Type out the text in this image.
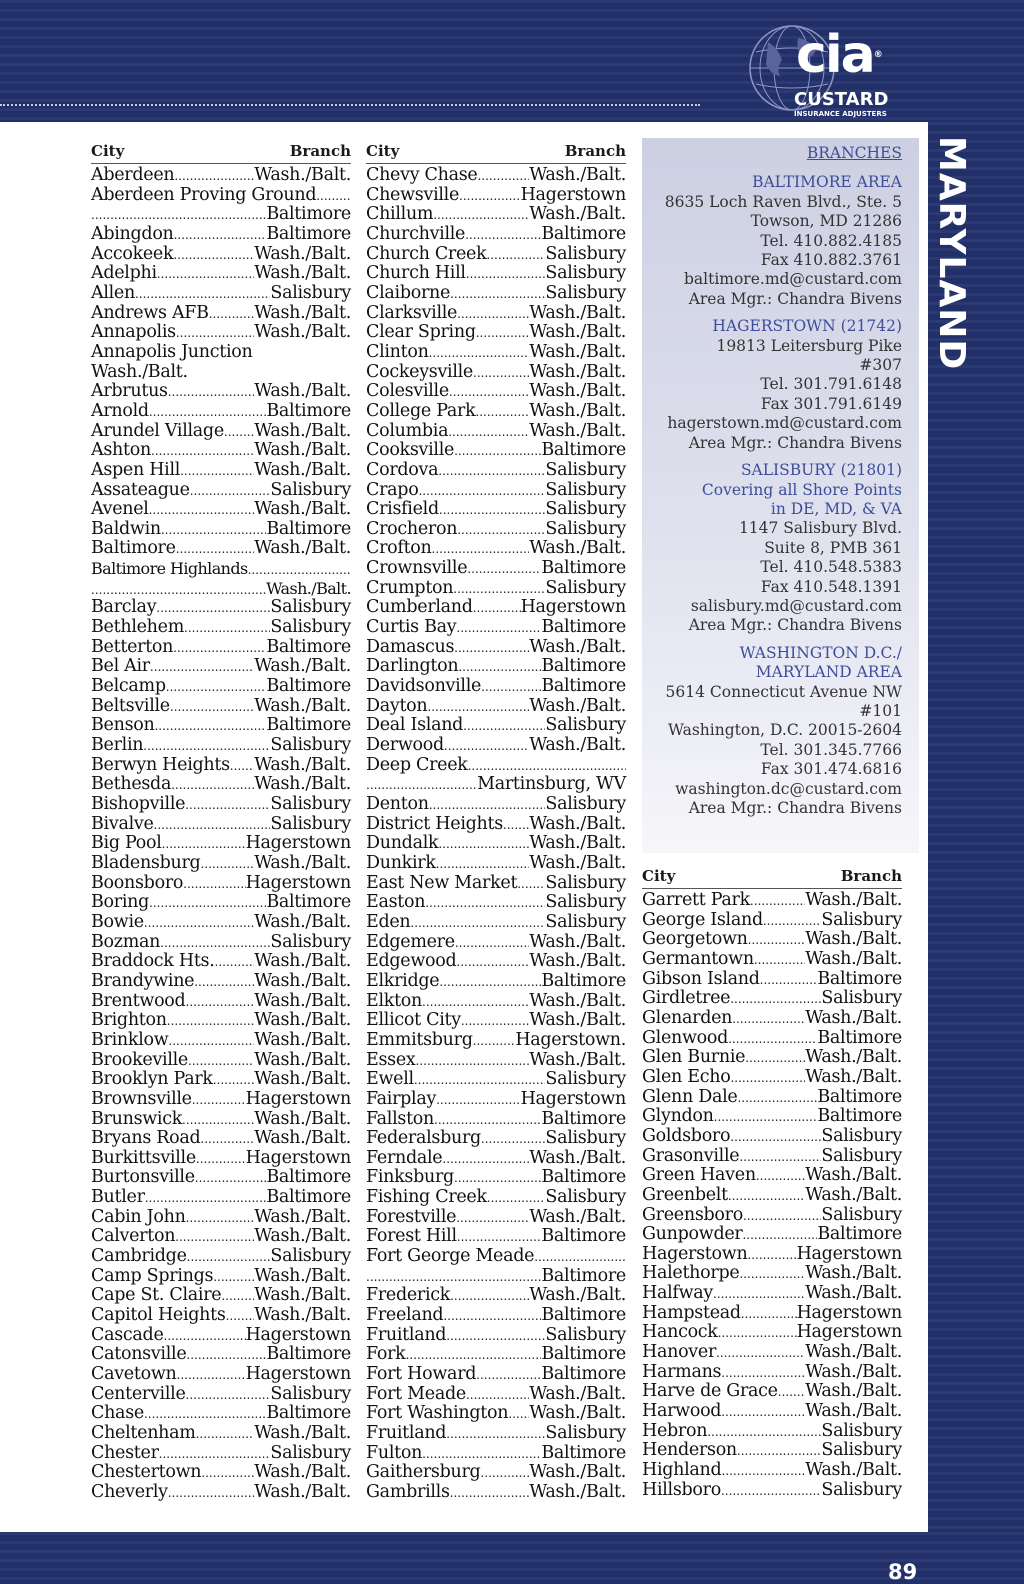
cia®
CUSTARD
INSURANCE ADJUSTERS
MARYLAND
BRANCHES
BALTIMORE AREA
8635 Loch Raven Blvd., Ste. 5
Towson, MD 21286
Tel. 410.882.4185
Fax 410.882.3761
baltimore.md@custard.com
Area Mgr.: Chandra Bivens
HAGERSTOWN (21742)
19813 Leitersburg Pike
#307
Tel. 301.791.6148
Fax 301.791.6149
hagerstown.md@custard.com
Area Mgr.: Chandra Bivens
SALISBURY (21801)
Covering all Shore Points
in DE, MD, & VA
1147 Salisbury Blvd.
Suite 8, PMB 361
Tel. 410.548.5383
Fax 410.548.1391
salisbury.md@custard.com
Area Mgr.: Chandra Bivens
WASHINGTON D.C./
MARYLAND AREA
5614 Connecticut Avenue NW
#101
Washington, D.C. 20015-2604
Tel. 301.345.7766
Fax 301.474.6816
washington.dc@custard.com
Area Mgr.: Chandra Bivens
City	Branch
Aberdeen .....	Wash./Balt.
Aberdeen Proving Ground
.....
.....
Baltimore
Abingdon .....	Baltimore
Accokeek .....	Wash./Balt.
Adelphi .....	Wash./Balt.
Allen .....	Salisbury
Andrews AFB .....	Wash./Balt.
Annapolis .....	Wash./Balt.
Annapolis Junction
Wash./Balt.
Arbrutus .....	Wash./Balt.
Arnold .....	Baltimore
Arundel Village ..... Wash./Balt.
Ashton .....	Wash./Balt.
Aspen Hill .....	Wash./Balt.
Assateague .....	Salisbury
Avenel .....	Wash./Balt.
Baldwin .....	Baltimore
Baltimore .....	Wash./Balt.
Baltimore Highlands
.....
.....
Wash./Balt.
Barclay .....	Salisbury
Bethlehem .....	Salisbury
Betterton .....	Baltimore
Bel Air .....	Wash./Balt.
Belcamp .....	Baltimore
Beltsville .....	Wash./Balt.
Benson .....	Baltimore
Berlin .....	Salisbury
Berwyn Heights ..... Wash./Balt.
Bethesda .....	Wash./Balt.
Bishopville .....	Salisbury
Bivalve .....	Salisbury
Big Pool .....	Hagerstown
Bladensburg .....	Wash./Balt.
Boonsboro .....	Hagerstown
Boring .....	Baltimore
Bowie .....	Wash./Balt.
Bozman .....	Salisbury
Braddock Hts. ..... Wash./Balt.
Brandywine .....	Wash./Balt.
Brentwood .....	Wash./Balt.
Brighton .....	Wash./Balt.
Brinklow .....	Wash./Balt.
Brookeville .....	Wash./Balt.
Brooklyn Park ..... Wash./Balt.
Brownsville .....	Hagerstown
Brunswick .....	Wash./Balt.
Bryans Road .....	Wash./Balt.
Burkittsville .....	Hagerstown
Burtonsville .....	Baltimore
Butler .....	Baltimore
Cabin John .....	Wash./Balt.
Calverton .....	Wash./Balt.
Cambridge .....	Salisbury
Camp Springs ..... Wash./Balt.
Cape St. Claire ..... Wash./Balt.
Capitol Heights ..... Wash./Balt.
Cascade .....	Hagerstown
Catonsville .....	Baltimore
Cavetown .....	Hagerstown
Centerville .....	Salisbury
Chase .....	Baltimore
Cheltenham .....	Wash./Balt.
Chester .....	Salisbury
Chestertown .....	Wash./Balt.
Cheverly .....	Wash./Balt.
City	Branch
Chevy Chase .....	Wash./Balt.
Chewsville .....	Hagerstown
Chillum .....	Wash./Balt.
Churchville .....	Baltimore
Church Creek .....	Salisbury
Church Hill .....	Salisbury
Claiborne .....	Salisbury
Clarksville .....	Wash./Balt.
Clear Spring .....	Wash./Balt.
Clinton .....	Wash./Balt.
Cockeysville .....	Wash./Balt.
Colesville .....	Wash./Balt.
College Park .....	Wash./Balt.
Columbia .....	Wash./Balt.
Cooksville .....	Baltimore
Cordova .....	Salisbury
Crapo .....	Salisbury
Crisfield .....	Salisbury
Crocheron .....	Salisbury
Crofton .....	Wash./Balt.
Crownsville .....	Baltimore
Crumpton .....	Salisbury
Cumberland .....	Hagerstown
Curtis Bay .....	Baltimore
Damascus .....	Wash./Balt.
Darlington .....	Baltimore
Davidsonville .....	Baltimore
Dayton .....	Wash./Balt.
Deal Island .....	Salisbury
Derwood .....	Wash./Balt.
Deep Creek
.....
.....
Martinsburg, WV
Denton .....	Salisbury
District Heights ..... Wash./Balt.
Dundalk .....	Wash./Balt.
Dunkirk .....	Wash./Balt.
East New Market ..... Salisbury
Easton .....	Salisbury
Eden .....	Salisbury
Edgemere .....	Wash./Balt.
Edgewood .....	Wash./Balt.
Elkridge .....	Baltimore
Elkton .....	Wash./Balt.
Ellicot City .....	Wash./Balt.
Emmitsburg ..... Hagerstown.
Essex .....	Wash./Balt.
Ewell .....	Salisbury
Fairplay .....	Hagerstown
Fallston .....	Baltimore
Federalsburg .....	Salisbury
Ferndale .....	Wash./Balt.
Finksburg .....	Baltimore
Fishing Creek .....	Salisbury
Forestville .....	Wash./Balt.
Forest Hill .....	Baltimore
Fort George Meade
.....
.....
Baltimore
Frederick .....	Wash./Balt.
Freeland .....	Baltimore
Fruitland .....	Salisbury
Fork .....	Baltimore
Fort Howard .....	Baltimore
Fort Meade .....	Wash./Balt.
Fort Washington ..... Wash./Balt.
Fruitland .....	Salisbury
Fulton .....	Baltimore
Gaithersburg .....	Wash./Balt.
Gambrills .....	Wash./Balt.
City	Branch
Garrett Park .....	Wash./Balt.
George Island .....	Salisbury
Georgetown .....	Wash./Balt.
Germantown .....	Wash./Balt.
Gibson Island .....	Baltimore
Girdletree .....	Salisbury
Glenarden .....	Wash./Balt.
Glenwood .....	Baltimore
Glen Burnie .....	Wash./Balt.
Glen Echo .....	Wash./Balt.
Glenn Dale .....	Baltimore
Glyndon .....	Baltimore
Goldsboro .....	Salisbury
Grasonville .....	Salisbury
Green Haven .....	Wash./Balt.
Greenbelt .....	Wash./Balt.
Greensboro .....	Salisbury
Gunpowder .....	Baltimore
Hagerstown .....	Hagerstown
Halethorpe .....	Wash./Balt.
Halfway .....	Wash./Balt.
Hampstead .....	Hagerstown
Hancock .....	Hagerstown
Hanover .....	Wash./Balt.
Harmans .....	Wash./Balt.
Harve de Grace ..... Wash./Balt.
Harwood .....	Wash./Balt.
Hebron .....	Salisbury
Henderson .....	Salisbury
Highland .....	Wash./Balt.
Hillsboro .....	Salisbury
89
